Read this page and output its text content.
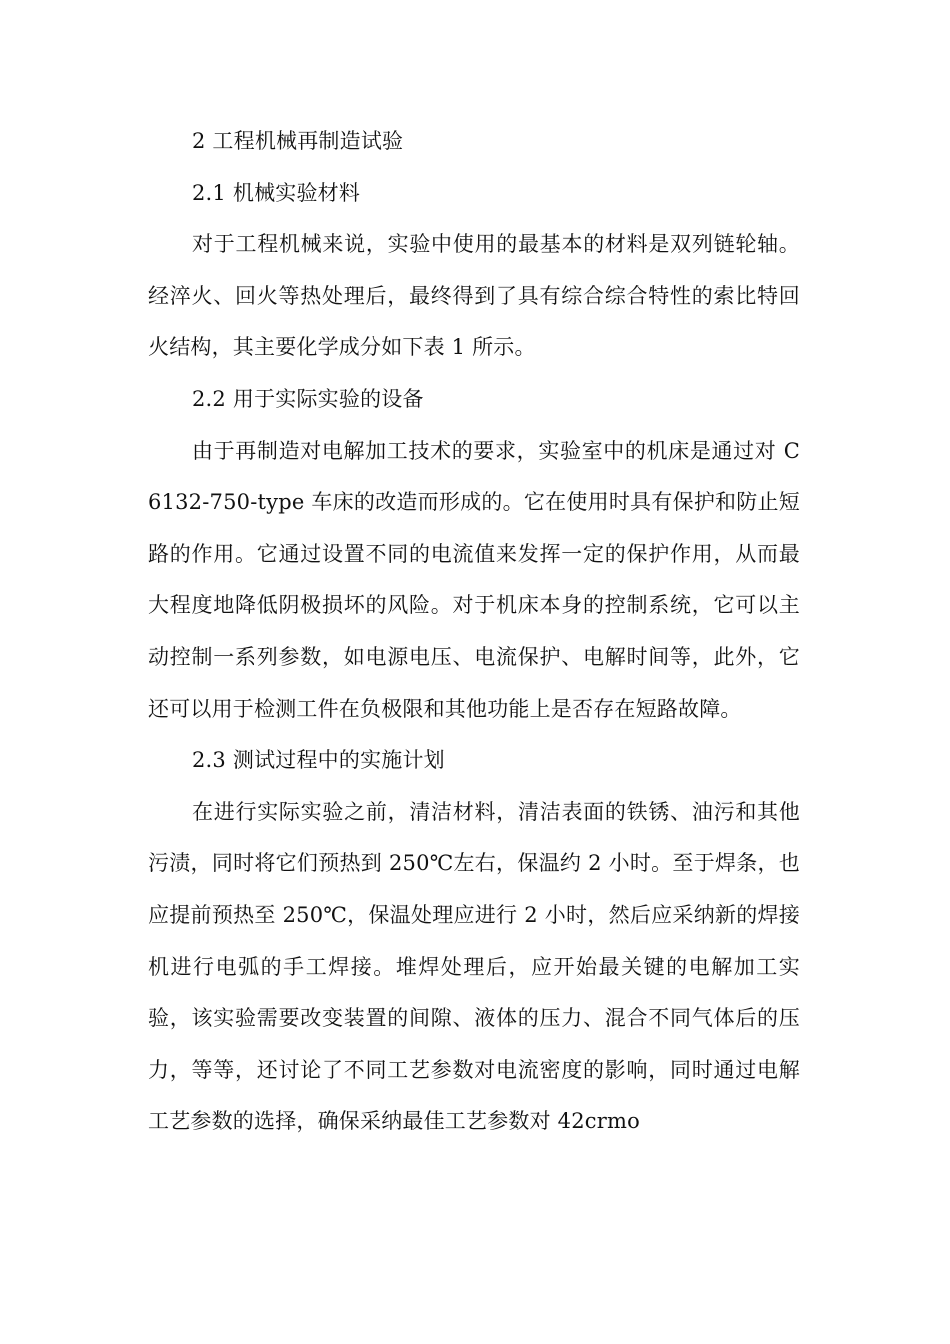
2 工程机械再制造试验

2.1 机械实验材料

对于工程机械来说，实验中使用的最基本的材料是双列链轮轴。经淬火、回火等热处理后，最终得到了具有综合综合特性的索比特回火结构，其主要化学成分如下表 1 所示。

2.2 用于实际实验的设备

由于再制造对电解加工技术的要求，实验室中的机床是通过对 C6132-750-type 车床的改造而形成的。它在使用时具有保护和防止短路的作用。它通过设置不同的电流值来发挥一定的保护作用，从而最大程度地降低阴极损坏的风险。对于机床本身的控制系统，它可以主动控制一系列参数，如电源电压、电流保护、电解时间等，此外，它还可以用于检测工件在负极限和其他功能上是否存在短路故障。

2.3 测试过程中的实施计划

在进行实际实验之前，清洁材料，清洁表面的铁锈、油污和其他污渍，同时将它们预热到 250℃左右，保温约 2 小时。至于焊条，也应提前预热至 250℃，保温处理应进行 2 小时，然后应采纳新的焊接机进行电弧的手工焊接。堆焊处理后，应开始最关键的电解加工实验，该实验需要改变装置的间隙、液体的压力、混合不同气体后的压力，等等，还讨论了不同工艺参数对电流密度的影响，同时通过电解工艺参数的选择，确保采纳最佳工艺参数对 42crmo
